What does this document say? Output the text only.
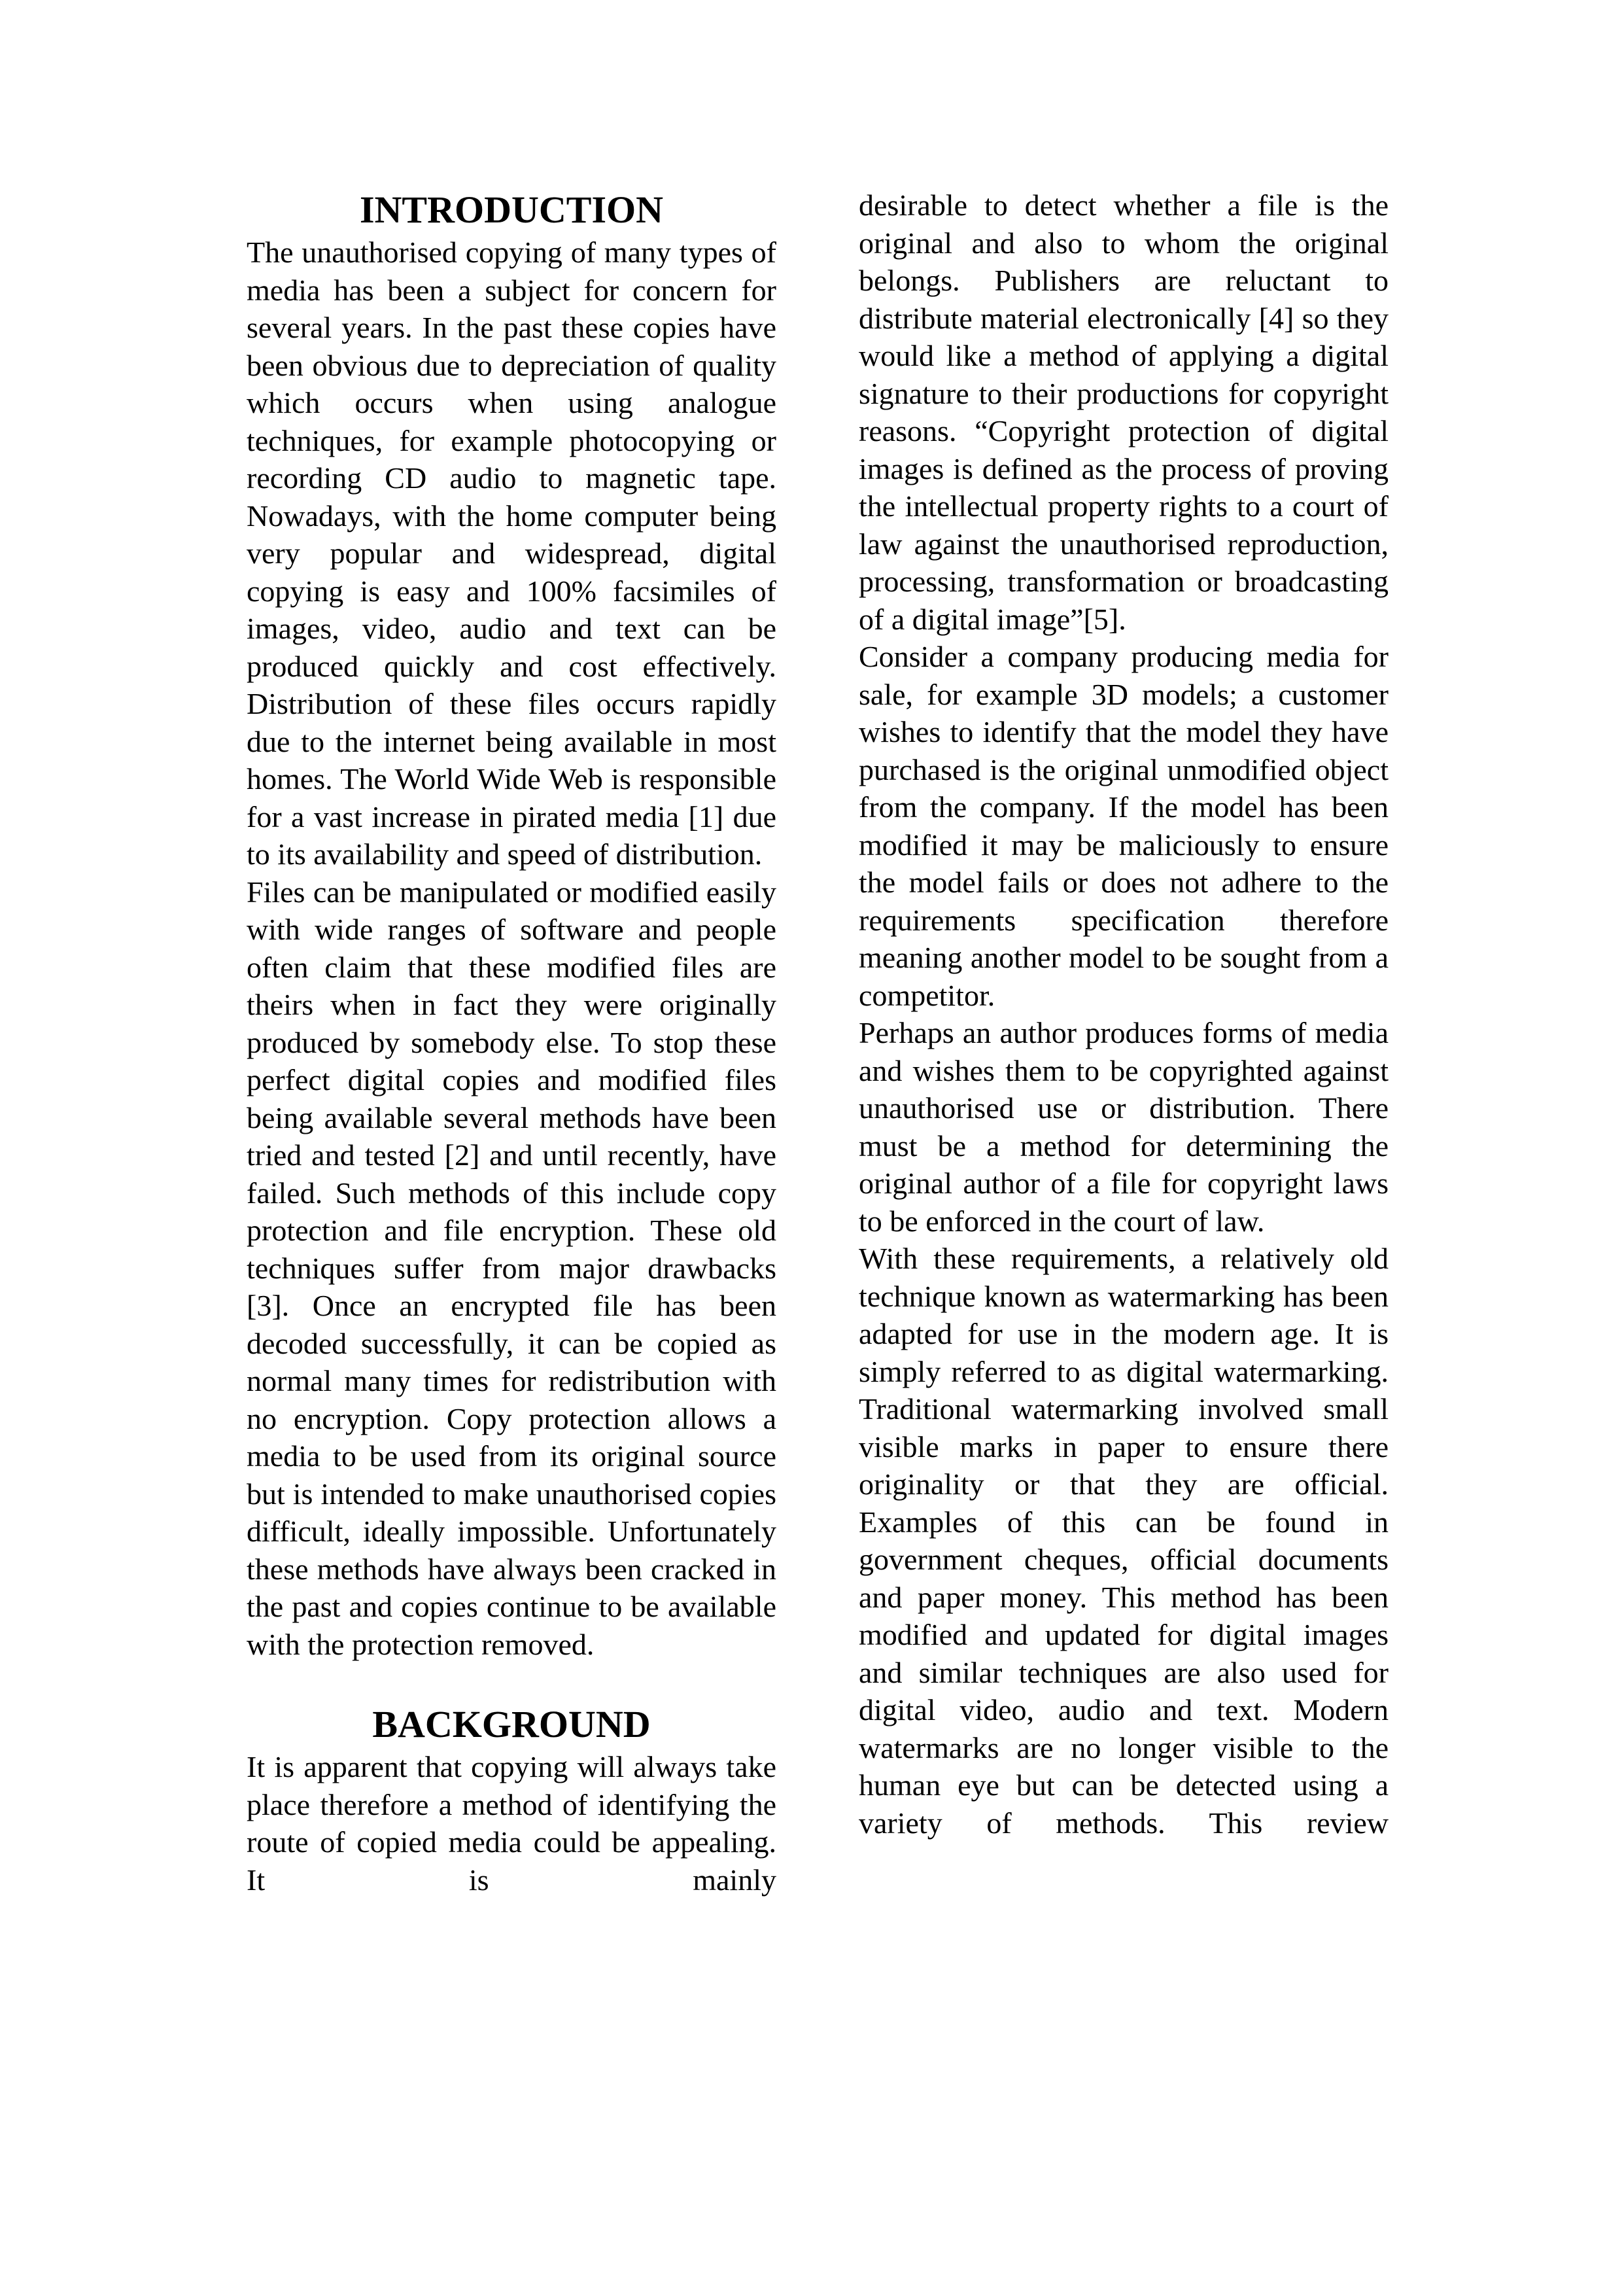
INTRODUCTION

The unauthorised copying of many types of media has been a subject for concern for several years. In the past these copies have been obvious due to depreciation of quality which occurs when using analogue techniques, for example photocopying or recording CD audio to magnetic tape. Nowadays, with the home computer being very popular and widespread, digital copying is easy and 100% facsimiles of images, video, audio and text can be produced quickly and cost effectively. Distribution of these files occurs rapidly due to the internet being available in most homes. The World Wide Web is responsible for a vast increase in pirated media [1] due to its availability and speed of distribution.

Files can be manipulated or modified easily with wide ranges of software and people often claim that these modified files are theirs when in fact they were originally produced by somebody else. To stop these perfect digital copies and modified files being available several methods have been tried and tested [2] and until recently, have failed. Such methods of this include copy protection and file encryption. These old techniques suffer from major drawbacks [3]. Once an encrypted file has been decoded successfully, it can be copied as normal many times for redistribution with no encryption. Copy protection allows a media to be used from its original source but is intended to make unauthorised copies difficult, ideally impossible. Unfortunately these methods have always been cracked in the past and copies continue to be available with the protection removed.

BACKGROUND

It is apparent that copying will always take place therefore a method of identifying the route of copied media could be appealing. It is mainly

desirable to detect whether a file is the original and also to whom the original belongs. Publishers are reluctant to distribute material electronically [4] so they would like a method of applying a digital signature to their productions for copyright reasons. “Copyright protection of digital images is defined as the process of proving the intellectual property rights to a court of law against the unauthorised reproduction, processing, transformation or broadcasting of a digital image”[5].

Consider a company producing media for sale, for example 3D models; a customer wishes to identify that the model they have purchased is the original unmodified object from the company. If the model has been modified it may be maliciously to ensure the model fails or does not adhere to the requirements specification therefore meaning another model to be sought from a competitor.

Perhaps an author produces forms of media and wishes them to be copyrighted against unauthorised use or distribution. There must be a method for determining the original author of a file for copyright laws to be enforced in the court of law.

With these requirements, a relatively old technique known as watermarking has been adapted for use in the modern age. It is simply referred to as digital watermarking. Traditional watermarking involved small visible marks in paper to ensure there originality or that they are official. Examples of this can be found in government cheques, official documents and paper money. This method has been modified and updated for digital images and similar techniques are also used for digital video, audio and text. Modern watermarks are no longer visible to the human eye but can be detected using a variety of methods. This review
